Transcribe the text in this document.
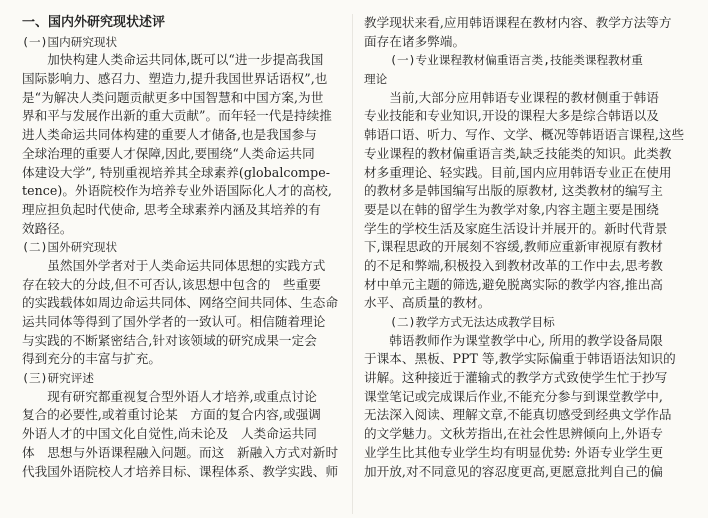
一、国内外研究现状述评
(一)国内研究现状
　　加快构建人类命运共同体,既可以“进一步提高我国
国际影响力、感召力、塑造力,提升我国世界话语权”,也
是“为解决人类问题贡献更多中国智慧和中国方案,为世
界和平与发展作出新的重大贡献”。而年轻一代是持续推
进人类命运共同体构建的重要人才储备,也是我国参与
全球治理的重要人才保障,因此,要围绕“人类命运共同
体建设大学”, 特别重视培养其全球素养(globalcompe-
tence)。外语院校作为培养专业外语国际化人才的高校,
理应担负起时代使命, 思考全球素养内涵及其培养的有
效路径。
(二)国外研究现状
　　虽然国外学者对于人类命运共同体思想的实践方式
存在较大的分歧,但不可否认,该思想中包含的　些重要
的实践载体如周边命运共同体、网络空间共同体、生态命
运共同体等得到了国外学者的一致认可。相信随着理论
与实践的不断紧密结合,针对该领域的研究成果一定会
得到充分的丰富与扩充。
(三)研究评述
　　现有研究都重视复合型外语人才培养,或重点讨论
复合的必要性,或着重讨论某　方面的复合内容,或强调
外语人才的中国文化自觉性,尚未论及　人类命运共同
体　思想与外语课程融入问题。而这　新融入方式对新时
代我国外语院校人才培养目标、课程体系、教学实践、师
教学现状来看,应用韩语课程在教材内容、教学方法等方
面存在诸多弊端。
(一)专业课程教材偏重语言类,技能类课程教材重
理论
　　当前,大部分应用韩语专业课程的教材侧重于韩语
专业技能和专业知识,开设的课程大多是综合韩语以及
韩语口语、听力、写作、文学、概况等韩语语言课程,这些
专业课程的教材偏重语言类,缺乏技能类的知识。此类教
材多重理论、轻实践。目前,国内应用韩语专业正在使用
的教材多是韩国编写出版的原教材, 这类教材的编写主
要是以在韩的留学生为教学对象,内容主题主要是围绕
学生的学校生活及家庭生活设计并展开的。新时代背景
下,课程思政的开展刻不容缓,教师应重新审视原有教材
的不足和弊端,积极投入到教材改革的工作中去,思考教
材中单元主题的筛选,避免脱离实际的教学内容,推出高
水平、高质量的教材。
(二)教学方式无法达成教学目标
　　韩语教师作为课堂教学中心, 所用的教学设备局限
于课本、黑板、PPT 等,教学实际偏重于韩语语法知识的
讲解。这种接近于灌输式的教学方式致使学生忙于抄写
课堂笔记或完成课后作业,不能充分参与到课堂教学中,
无法深入阅读、理解文章,不能真切感受到经典文学作品
的文学魅力。文秋芳指出,在社会性思辨倾向上,外语专
业学生比其他专业学生均有明显优势: 外语专业学生更
加开放,对不同意见的容忍度更高,更愿意批判自己的偏
